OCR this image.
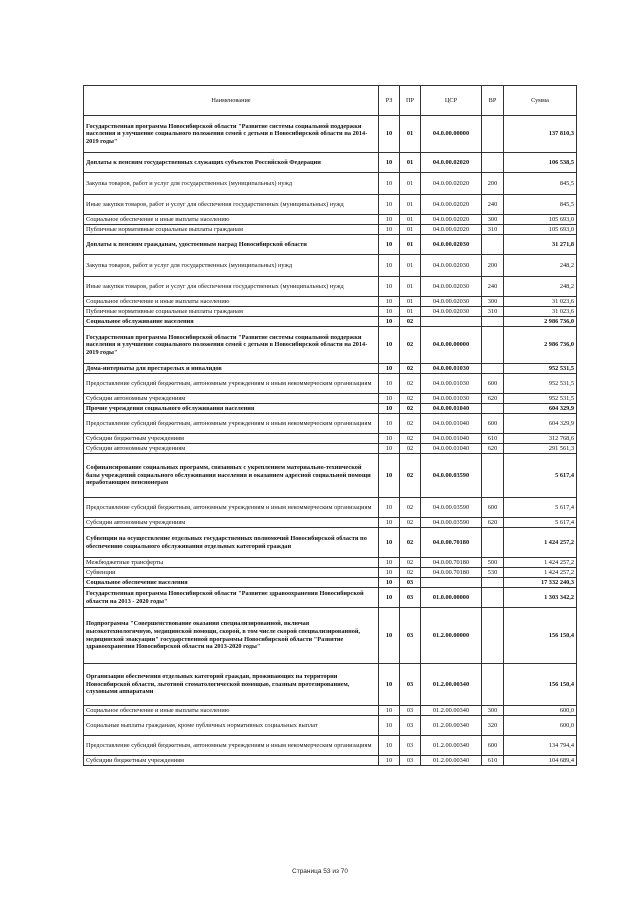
Наименование	РЗ	ПР	ЦСР	ВР	Сумма
Государственная программа Новосибирской области "Развитие системы социальной поддержки населения и улучшение социального положения семей с детьми в Новосибирской области на 2014-2019 годы"	10	01	04.0.00.00000		137 810,3
Доплаты к пенсиям государственных служащих субъектов Российской Федерации	10	01	04.0.00.02020		106 538,5
Закупка товаров, работ и услуг для государственных (муниципальных) нужд	10	01	04.0.00.02020	200	845,5
Иные закупки товаров, работ и услуг для обеспечения государственных (муниципальных) нужд	10	01	04.0.00.02020	240	845,5
Социальное обеспечение и иные выплаты населению	10	01	04.0.00.02020	300	105 693,0
Публичные нормативные социальные выплаты гражданам	10	01	04.0.00.02020	310	105 693,0
Доплаты к пенсиям гражданам, удостоенным наград Новосибирской области	10	01	04.0.00.02030		31 271,8
Закупка товаров, работ и услуг для государственных (муниципальных) нужд	10	01	04.0.00.02030	200	248,2
Иные закупки товаров, работ и услуг для обеспечения государственных (муниципальных) нужд	10	01	04.0.00.02030	240	248,2
Социальное обеспечение и иные выплаты населению	10	01	04.0.00.02030	300	31 023,6
Публичные нормативные социальные выплаты гражданам	10	01	04.0.00.02030	310	31 023,6
Социальное обслуживание населения	10	02			2 986 736,0
Государственная программа Новосибирской области "Развитие системы социальной поддержки населения и улучшение социального положения семей с детьми в Новосибирской области на 2014-2019 годы"	10	02	04.0.00.00000		2 986 736,0
Дома-интернаты для престарелых и инвалидов	10	02	04.0.00.01030		952 531,5
Предоставление субсидий бюджетным, автономным учреждениям и иным некоммерческим организациям	10	02	04.0.00.01030	600	952 531,5
Субсидии автономным учреждениям	10	02	04.0.00.01030	620	952 531,5
Прочие учреждения социального обслуживания населения	10	02	04.0.00.01040		604 329,9
Предоставление субсидий бюджетным, автономным учреждениям и иным некоммерческим организациям	10	02	04.0.00.01040	600	604 329,9
Субсидии бюджетным учреждениям	10	02	04.0.00.01040	610	312 768,6
Субсидии автономным учреждениям	10	02	04.0.00.01040	620	291 561,3
Софинансирование социальных программ, связанных с укреплением материально-технической базы учреждений социального обслуживания населения и оказанием адресной социальной помощи неработающим пенсионерам	10	02	04.0.00.03590		5 617,4
Предоставление субсидий бюджетным, автономным учреждениям и иным некоммерческим организациям	10	02	04.0.00.03590	600	5 617,4
Субсидии автономным учреждениям	10	02	04.0.00.03590	620	5 617,4
Субвенции на осуществление отдельных государственных полномочий Новосибирской области по обеспечению социального обслуживания отдельных категорий граждан	10	02	04.0.00.70180		1 424 257,2
Межбюджетные трансферты	10	02	04.0.00.70180	500	1 424 257,2
Субвенции	10	02	04.0.00.70180	530	1 424 257,2
Социальное обеспечение населения	10	03			17 332 240,3
Государственная программа Новосибирской области "Развитие здравоохранения Новосибирской области на 2013 - 2020 годы"	10	03	01.0.00.00000		1 303 342,2
Подпрограмма "Совершенствование оказания специализированной, включая высокотехнологичную, медицинской помощи, скорой, в том числе скорой специализированной, медицинской эвакуации" государственной программы Новосибирской области "Развитие здравоохранения Новосибирской области на 2013-2020 годы"	10	03	01.2.00.00000		156 150,4
Организация обеспечения отдельных категорий граждан, проживающих на территории Новосибирской области, льготной стоматологической помощью, глазным протезированием, слуховыми аппаратами	10	03	01.2.00.00340		156 150,4
Социальное обеспечение и иные выплаты населению	10	03	01.2.00.00340	300	600,0
Социальные выплаты гражданам, кроме публичных нормативных социальных выплат	10	03	01.2.00.00340	320	600,0
Предоставление субсидий бюджетным, автономным учреждениям и иным некоммерческим организациям	10	03	01.2.00.00340	600	134 794,4
Субсидии бюджетным учреждениям	10	03	01.2.00.00340	610	104 689,4
Страница 53 из 70
